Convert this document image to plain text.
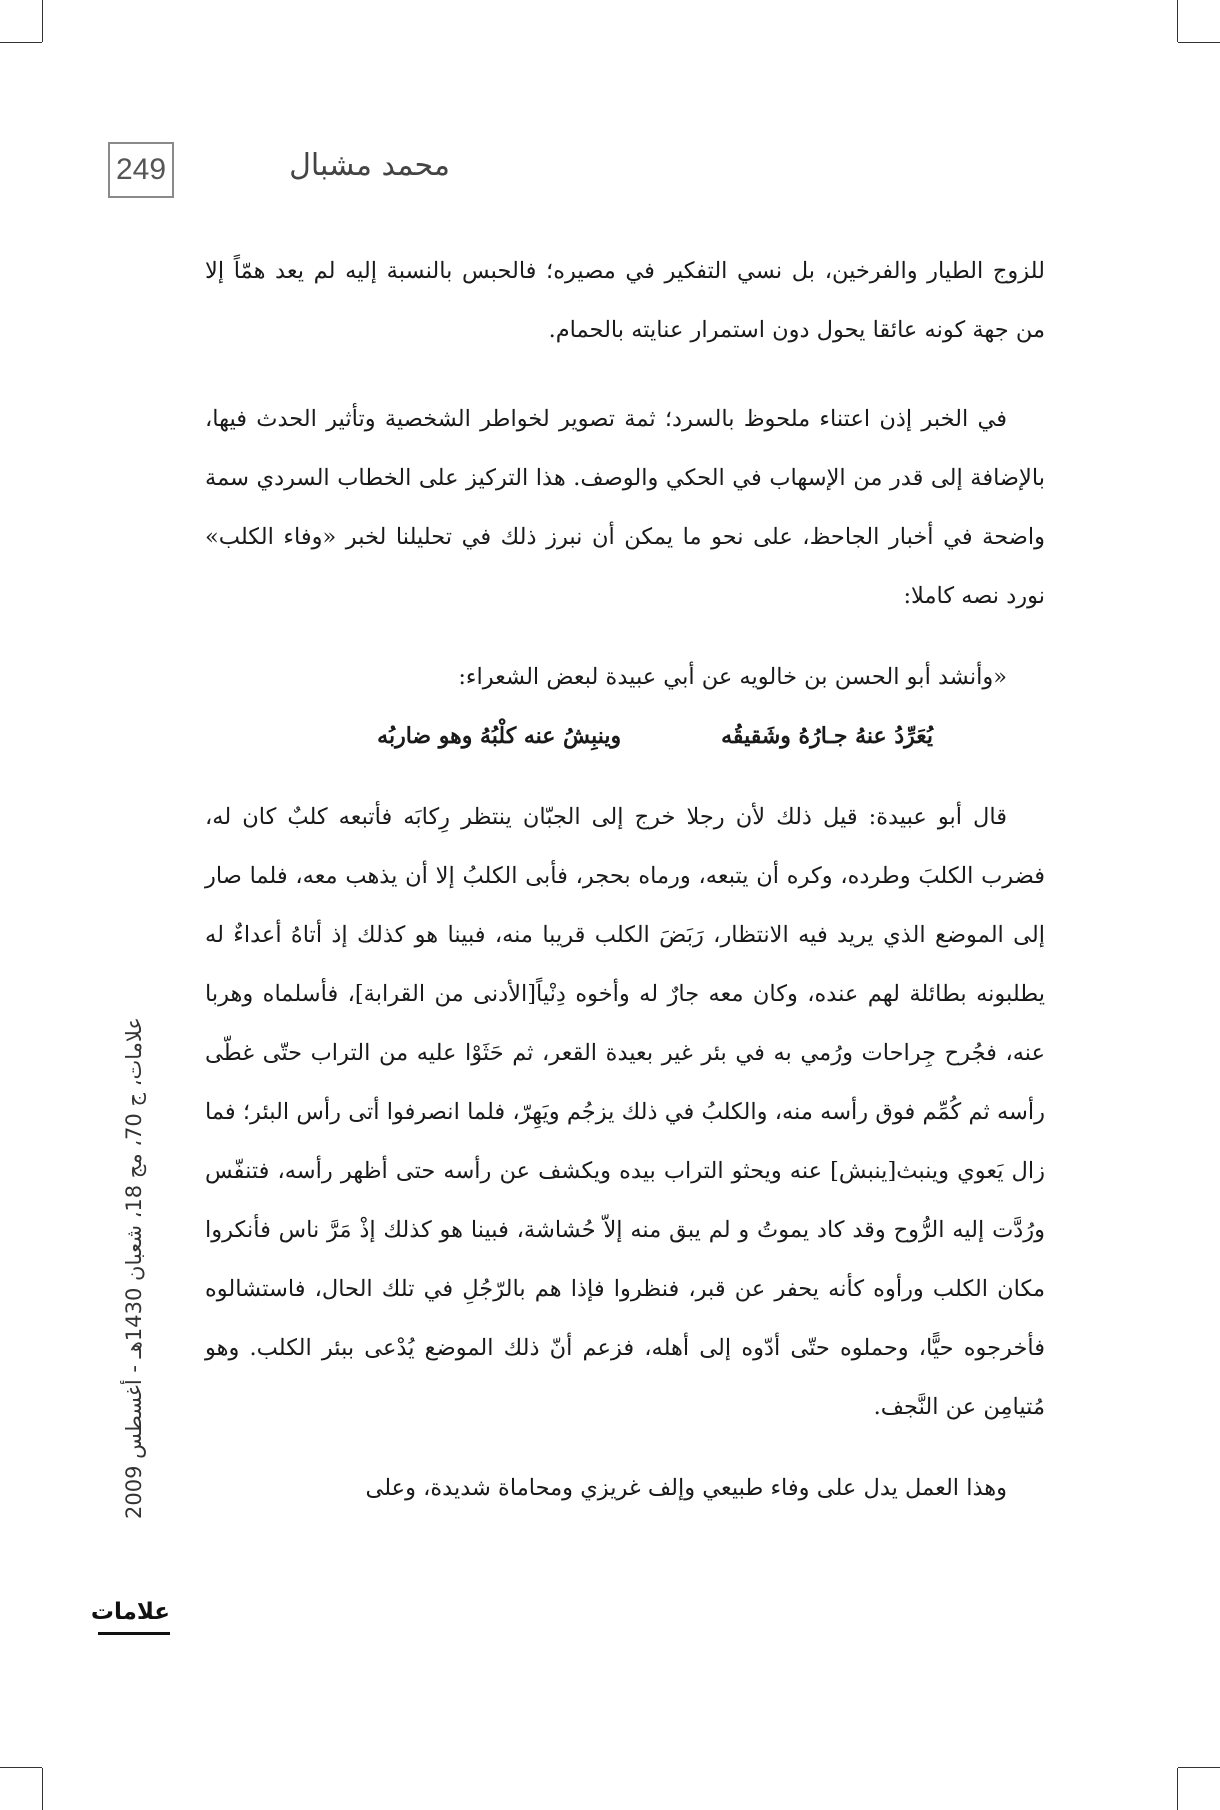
249	محمد مشبال

للزوج الطيار والفرخين، بل نسي التفكير في مصيره؛ فالحبس بالنسبة إليه لم يعد همّاً إلا من جهة كونه عائقا يحول دون استمرار عنايته بالحمام.

في الخبر إذن اعتناء ملحوظ بالسرد؛ ثمة تصوير لخواطر الشخصية وتأثير الحدث فيها، بالإضافة إلى قدر من الإسهاب في الحكي والوصف. هذا التركيز على الخطاب السردي سمة واضحة في أخبار الجاحظ، على نحو ما يمكن أن نبرز ذلك في تحليلنا لخبر «وفاء الكلب» نورد نصه كاملا:

«وأنشد أبو الحسن بن خالويه عن أبي عبيدة لبعض الشعراء:

يُعَرِّدُ عنهُ جـارُهُ وشَقيقُه
وينبِشُ عنه كلْبُهُ وهو ضاربُه

قال أبو عبيدة: قيل ذلك لأن رجلا خرج إلى الجبّان ينتظر رِكابَه فأتبعه كلبٌ كان له، فضرب الكلبَ وطرده، وكره أن يتبعه، ورماه بحجر، فأبى الكلبُ إلا أن يذهب معه، فلما صار إلى الموضع الذي يريد فيه الانتظار، رَبَضَ الكلب قريبا منه، فبينا هو كذلك إذ أتاهُ أعداءٌ له يطلبونه بطائلة لهم عنده، وكان معه جارٌ له وأخوه دِنْياً[الأدنى من القرابة]، فأسلماه وهربا عنه، فجُرح جِراحات ورُمي به في بئر غير بعيدة القعر، ثم حَثَوْا عليه من التراب حتّى غطّى رأسه ثم كُمِّم فوق رأسه منه، والكلبُ في ذلك يزجُم ويَهِرّ، فلما انصرفوا أتى رأس البئر؛ فما زال يَعوي وينبث[ينبش] عنه ويحثو التراب بيده ويكشف عن رأسه حتى أظهر رأسه، فتنفّس ورُدَّت إليه الرُّوح وقد كاد يموتُ و لم يبق منه إلاّ حُشاشة، فبينا هو كذلك إذْ مَرَّ ناس فأنكروا مكان الكلب ورأوه كأنه يحفر عن قبر، فنظروا فإذا هم بالرّجُلِ في تلك الحال، فاستشالوه فأخرجوه حيًّا، وحملوه حتّى أدّوه إلى أهله، فزعم أنّ ذلك الموضع يُدْعى ببئر الكلب. وهو مُتيامِن عن النَّجف.

وهذا العمل يدل على وفاء طبيعي وإلف غريزي ومحاماة شديدة، وعلى

علامات، ج 70، مج 18، شعبان 1430هـ - أغسطس 2009
علامات
